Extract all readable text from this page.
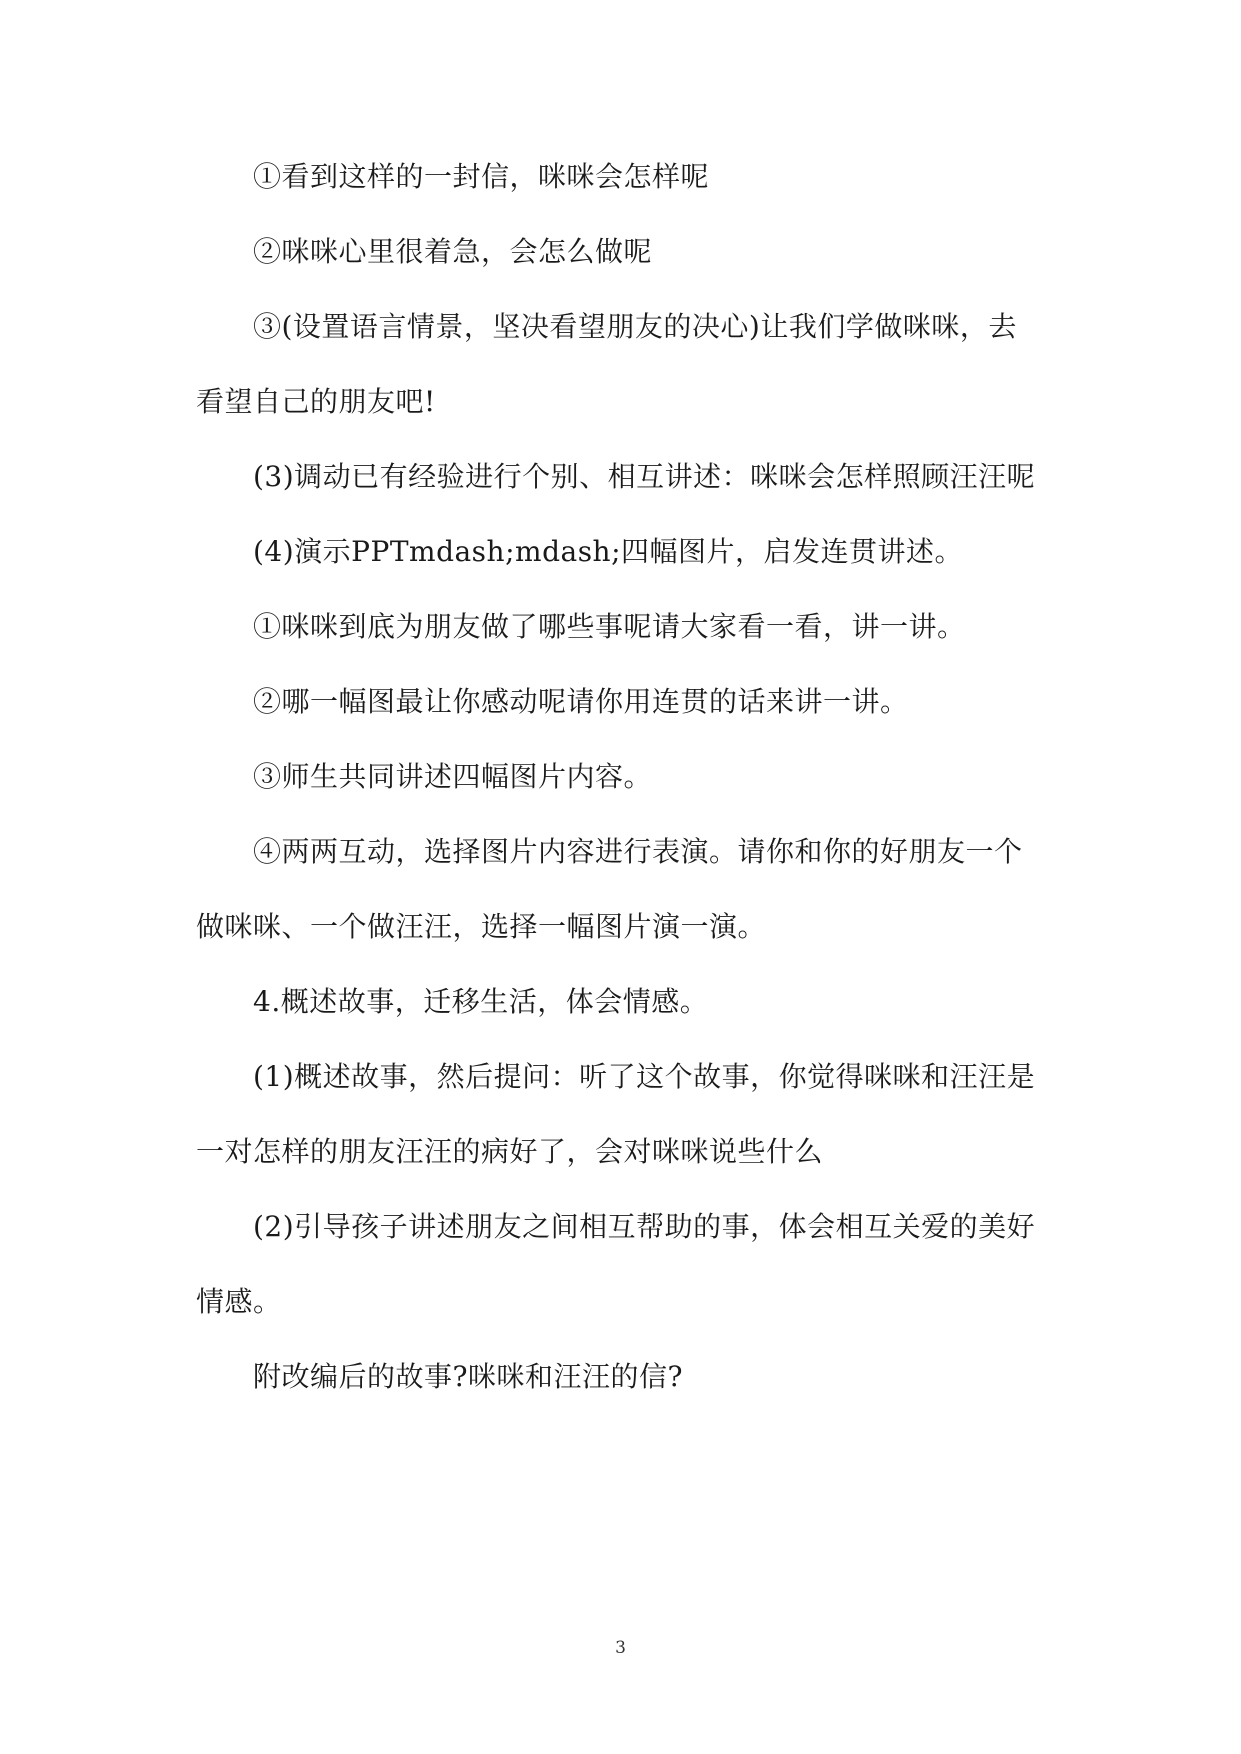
①看到这样的一封信，咪咪会怎样呢
②咪咪心里很着急，会怎么做呢
③(设置语言情景，坚决看望朋友的决心)让我们学做咪咪，去
看望自己的朋友吧!
(3)调动已有经验进行个别、相互讲述：咪咪会怎样照顾汪汪呢
(4)演示PPTmdash;mdash;四幅图片，启发连贯讲述。
①咪咪到底为朋友做了哪些事呢请大家看一看，讲一讲。
②哪一幅图最让你感动呢请你用连贯的话来讲一讲。
③师生共同讲述四幅图片内容。
④两两互动，选择图片内容进行表演。请你和你的好朋友一个
做咪咪、一个做汪汪，选择一幅图片演一演。
4.概述故事，迁移生活，体会情感。
(1)概述故事，然后提问：听了这个故事，你觉得咪咪和汪汪是
一对怎样的朋友汪汪的病好了，会对咪咪说些什么
(2)引导孩子讲述朋友之间相互帮助的事，体会相互关爱的美好
情感。
附改编后的故事?咪咪和汪汪的信?
3
